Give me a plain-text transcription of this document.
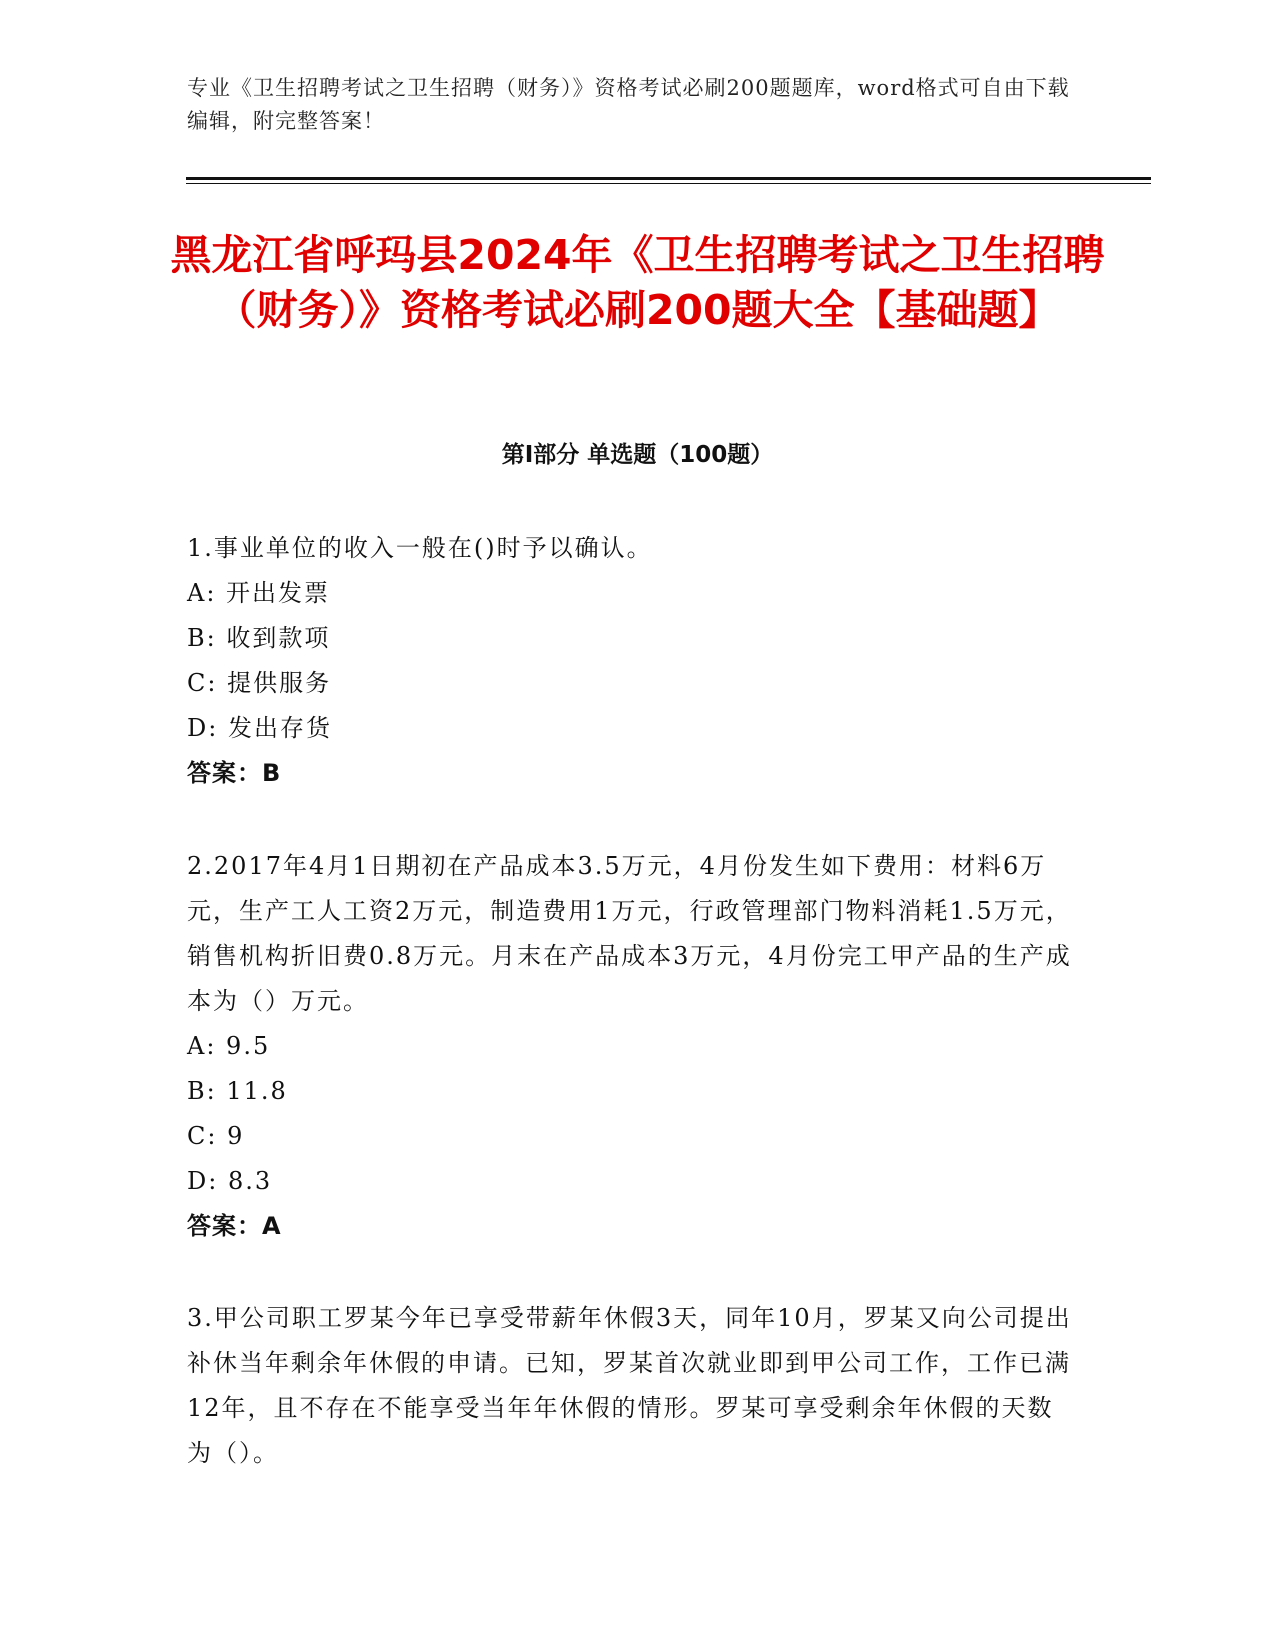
专业《卫生招聘考试之卫生招聘（财务）》资格考试必刷200题题库，word格式可自由下载编辑，附完整答案！
黑龙江省呼玛县2024年《卫生招聘考试之卫生招聘（财务）》资格考试必刷200题大全【基础题】
第Ⅰ部分 单选题（100题）
1.事业单位的收入一般在()时予以确认。
A: 开出发票
B: 收到款项
C: 提供服务
D: 发出存货
答案：B
2.2017年4月1日期初在产品成本3.5万元，4月份发生如下费用：材料6万元，生产工人工资2万元，制造费用1万元，行政管理部门物料消耗1.5万元，销售机构折旧费0.8万元。月末在产品成本3万元，4月份完工甲产品的生产成本为（）万元。
A: 9.5
B: 11.8
C: 9
D: 8.3
答案：A
3.甲公司职工罗某今年已享受带薪年休假3天，同年10月，罗某又向公司提出补休当年剩余年休假的申请。已知，罗某首次就业即到甲公司工作，工作已满12年，且不存在不能享受当年年休假的情形。罗某可享受剩余年休假的天数为（）。
